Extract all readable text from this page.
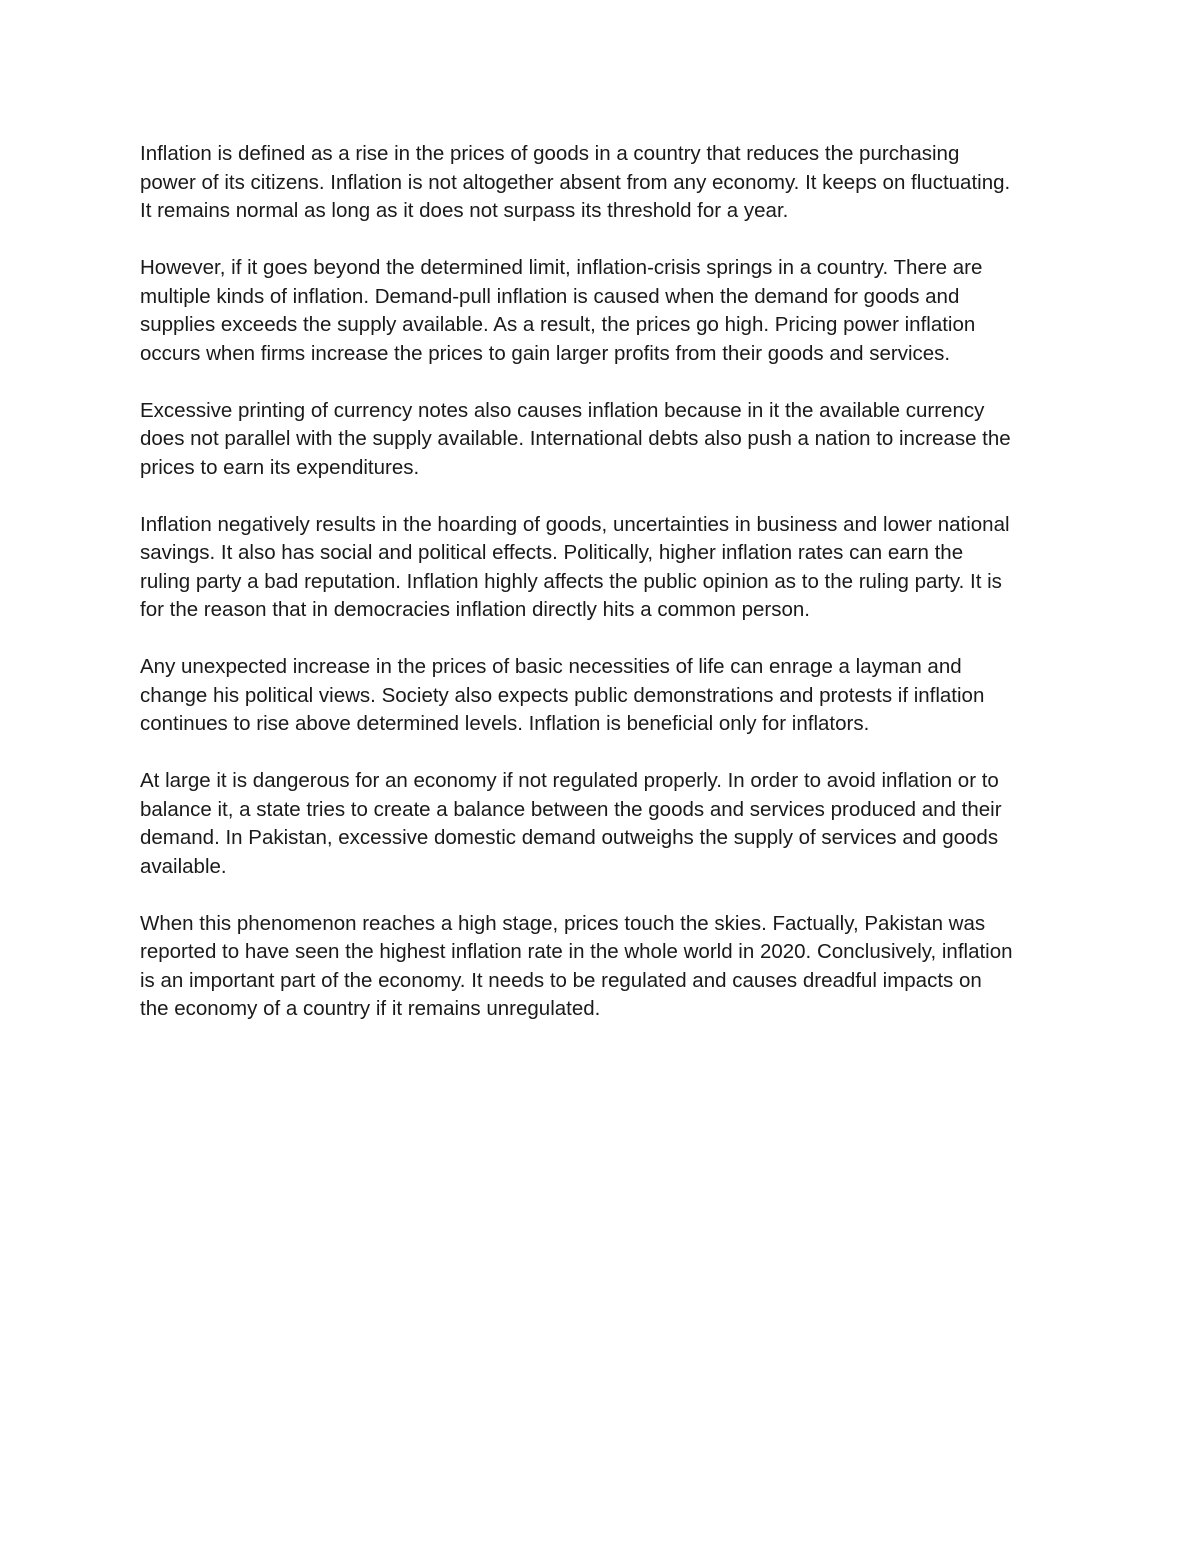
Inflation is defined as a rise in the prices of goods in a country that reduces the purchasing
power of its citizens. Inflation is not altogether absent from any economy. It keeps on fluctuating.
It remains normal as long as it does not surpass its threshold for a year.

However, if it goes beyond the determined limit, inflation-crisis springs in a country. There are
multiple kinds of inflation. Demand-pull inflation is caused when the demand for goods and
supplies exceeds the supply available. As a result, the prices go high. Pricing power inflation
occurs when firms increase the prices to gain larger profits from their goods and services.

Excessive printing of currency notes also causes inflation because in it the available currency
does not parallel with the supply available. International debts also push a nation to increase the
prices to earn its expenditures.

Inflation negatively results in the hoarding of goods, uncertainties in business and lower national
savings. It also has social and political effects. Politically, higher inflation rates can earn the
ruling party a bad reputation. Inflation highly affects the public opinion as to the ruling party. It is
for the reason that in democracies inflation directly hits a common person.

Any unexpected increase in the prices of basic necessities of life can enrage a layman and
change his political views. Society also expects public demonstrations and protests if inflation
continues to rise above determined levels. Inflation is beneficial only for inflators.

At large it is dangerous for an economy if not regulated properly. In order to avoid inflation or to
balance it, a state tries to create a balance between the goods and services produced and their
demand. In Pakistan, excessive domestic demand outweighs the supply of services and goods
available.

When this phenomenon reaches a high stage, prices touch the skies. Factually, Pakistan was
reported to have seen the highest inflation rate in the whole world in 2020. Conclusively, inflation
is an important part of the economy. It needs to be regulated and causes dreadful impacts on
the economy of a country if it remains unregulated.
